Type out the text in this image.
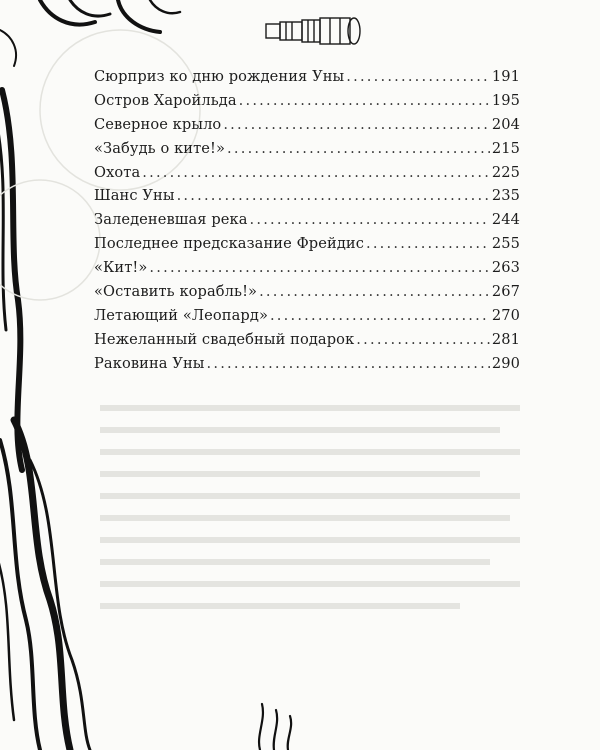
Сюрприз ко дню рождения Уны .....	191
Остров Харойльда .....	195
Северное крыло .....	204
«Забудь о ките!» .....	215
Охота .....	225
Шанс Уны .....	235
Заледеневшая река .....	244
Последнее предсказание Фрейдис .....	255
«Кит!» .....	263
«Оставить корабль!» .....	267
Летающий «Леопард» .....	270
Нежеланный свадебный подарок .....	281
Раковина Уны .....	290
